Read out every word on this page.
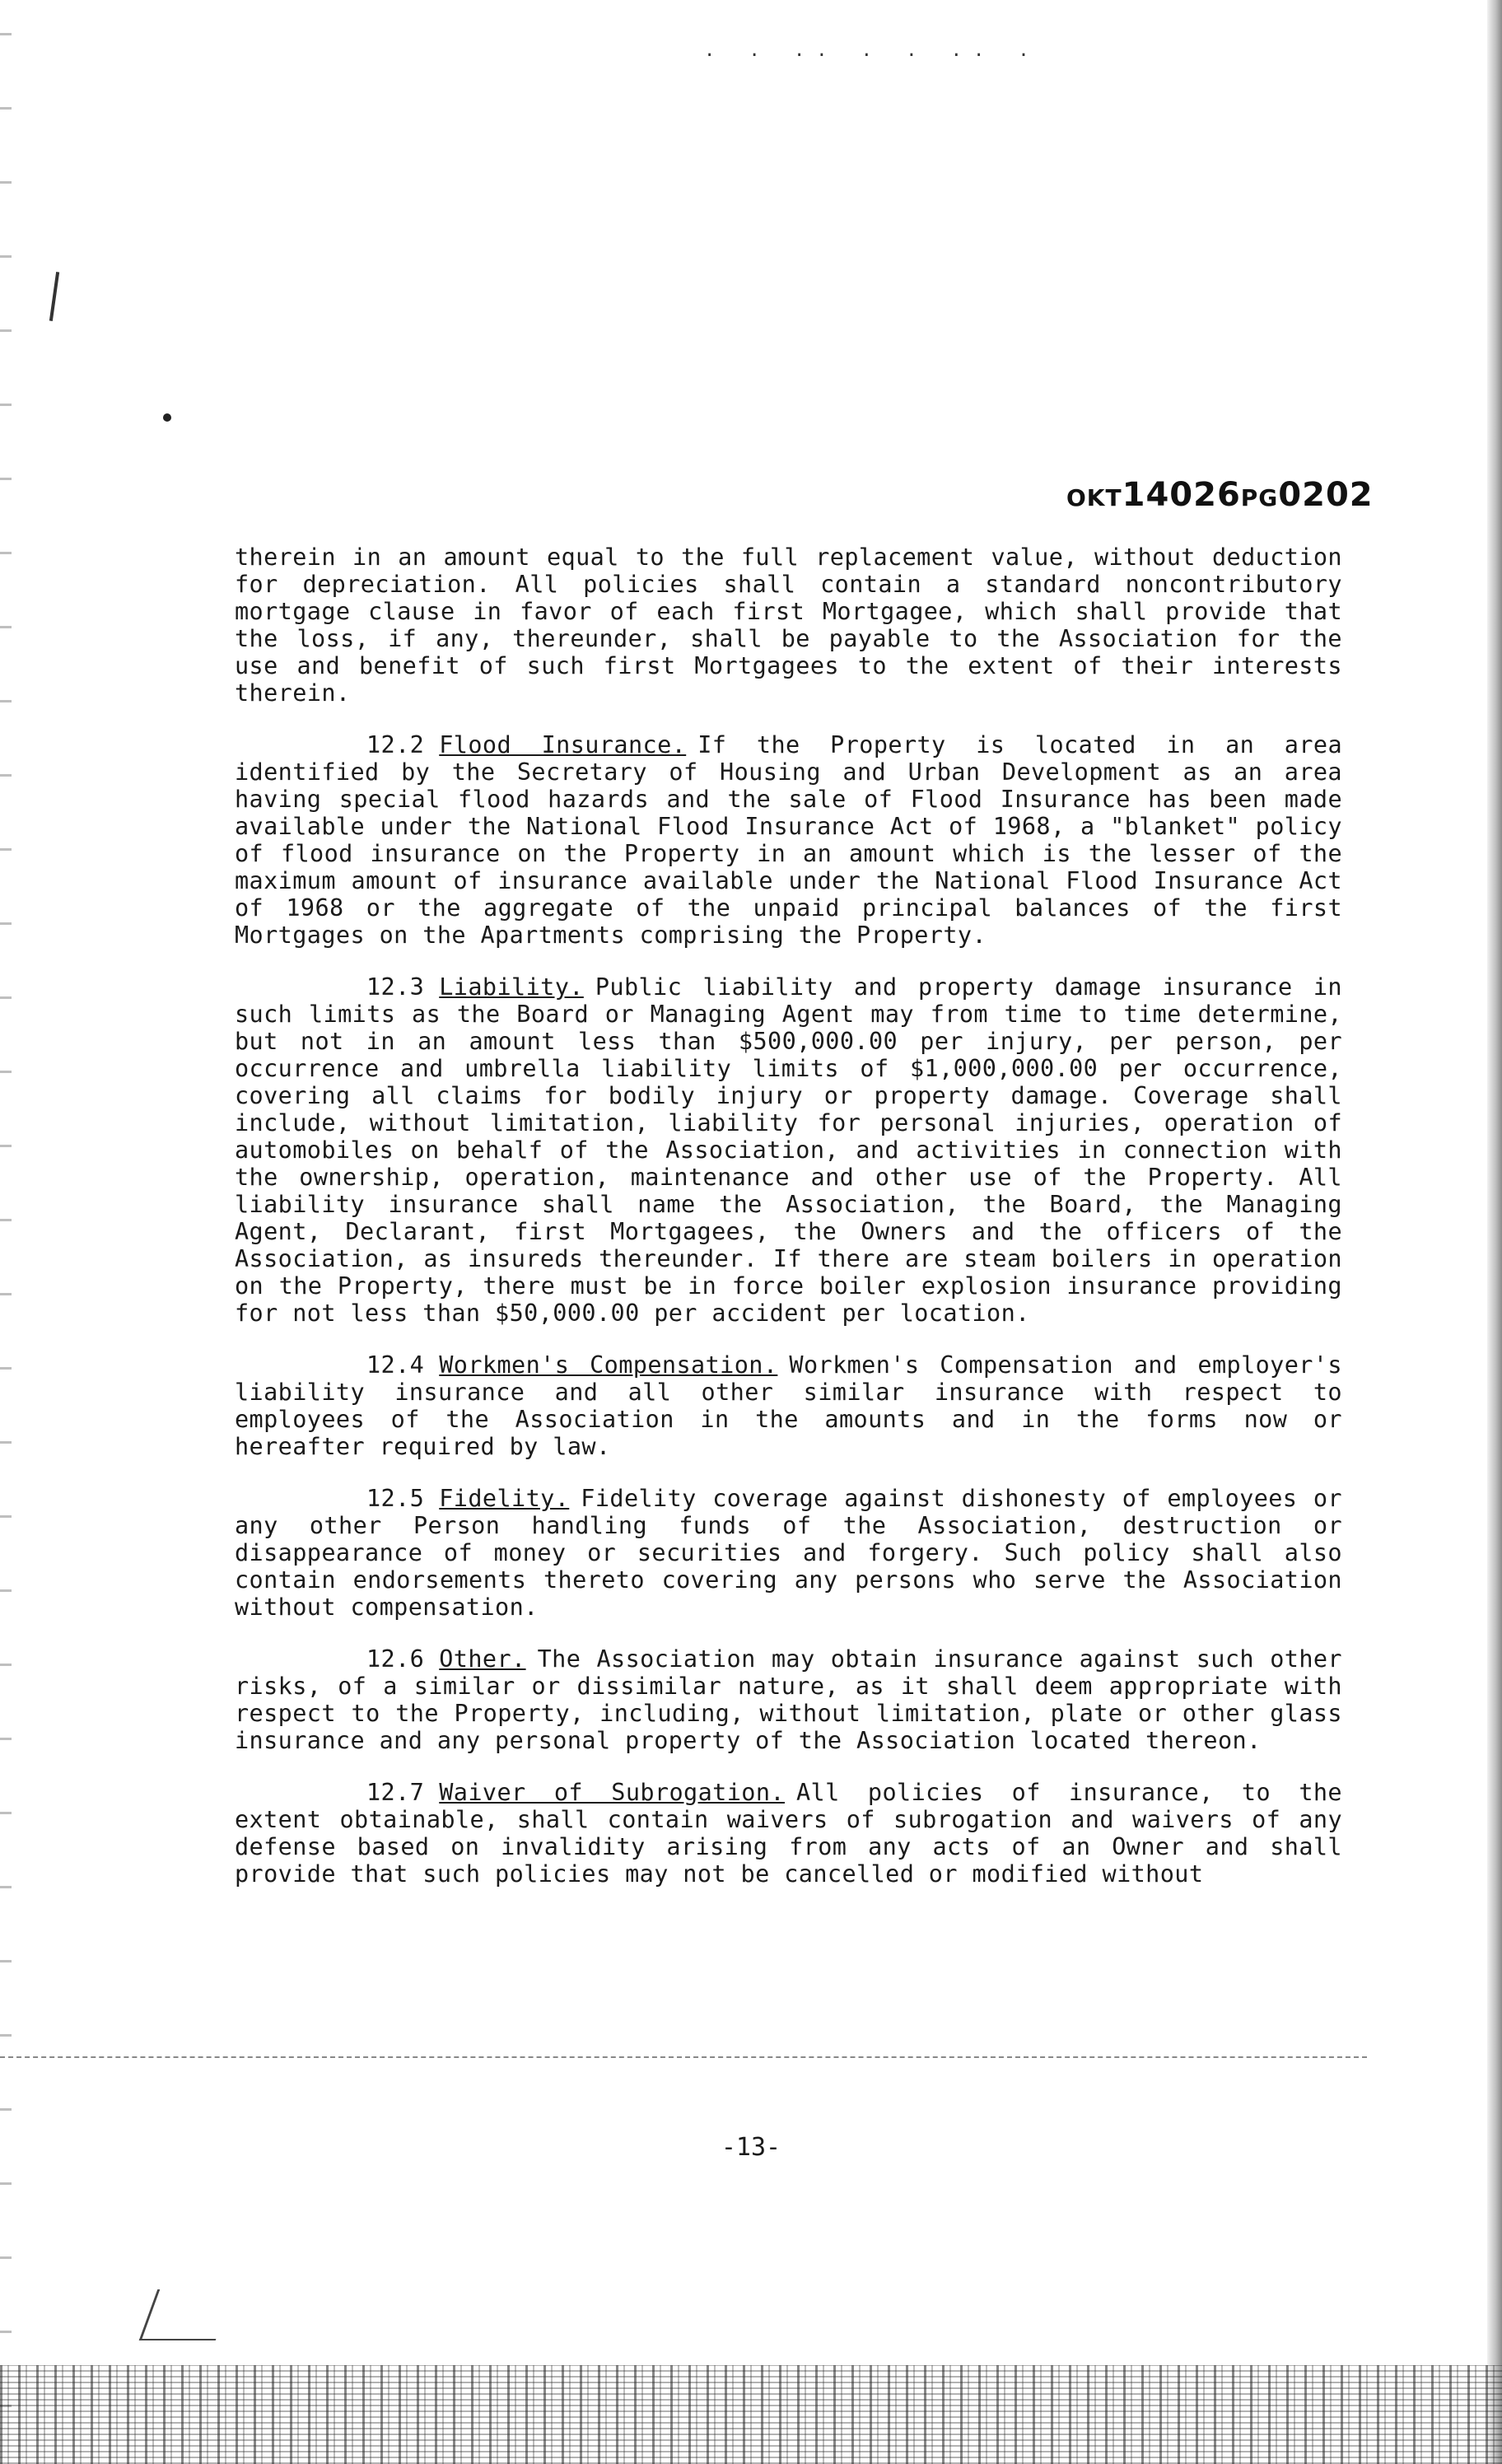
· · ·· · · ·· ·
OKT14026PG0202

therein in an amount equal to the full replacement value, without deduction for depreciation. All policies shall contain a standard noncontributory mortgage clause in favor of each first Mortgagee, which shall provide that the loss, if any, thereunder, shall be payable to the Association for the use and benefit of such first Mortgagees to the extent of their interests therein.

12.2 Flood Insurance. If the Property is located in an area identified by the Secretary of Housing and Urban Development as an area having special flood hazards and the sale of Flood Insurance has been made available under the National Flood Insurance Act of 1968, a "blanket" policy of flood insurance on the Property in an amount which is the lesser of the maximum amount of insurance available under the National Flood Insurance Act of 1968 or the aggregate of the unpaid principal balances of the first Mortgages on the Apartments comprising the Property.

12.3 Liability. Public liability and property damage insurance in such limits as the Board or Managing Agent may from time to time determine, but not in an amount less than $500,000.00 per injury, per person, per occurrence and umbrella liability limits of $1,000,000.00 per occurrence, covering all claims for bodily injury or property damage. Coverage shall include, without limitation, liability for personal injuries, operation of automobiles on behalf of the Association, and activities in connection with the ownership, operation, maintenance and other use of the Property. All liability insurance shall name the Association, the Board, the Managing Agent, Declarant, first Mortgagees, the Owners and the officers of the Association, as insureds thereunder. If there are steam boilers in operation on the Property, there must be in force boiler explosion insurance providing for not less than $50,000.00 per accident per location.

12.4 Workmen's Compensation. Workmen's Compensation and employer's liability insurance and all other similar insurance with respect to employees of the Association in the amounts and in the forms now or hereafter required by law.

12.5 Fidelity. Fidelity coverage against dishonesty of employees or any other Person handling funds of the Association, destruction or disappearance of money or securities and forgery. Such policy shall also contain endorsements thereto covering any persons who serve the Association without compensation.

12.6 Other. The Association may obtain insurance against such other risks, of a similar or dissimilar nature, as it shall deem appropriate with respect to the Property, including, without limitation, plate or other glass insurance and any personal property of the Association located thereon.

12.7 Waiver of Subrogation. All policies of insurance, to the extent obtainable, shall contain waivers of subrogation and waivers of any defense based on invalidity arising from any acts of an Owner and shall provide that such policies may not be cancelled or modified without

-13-
